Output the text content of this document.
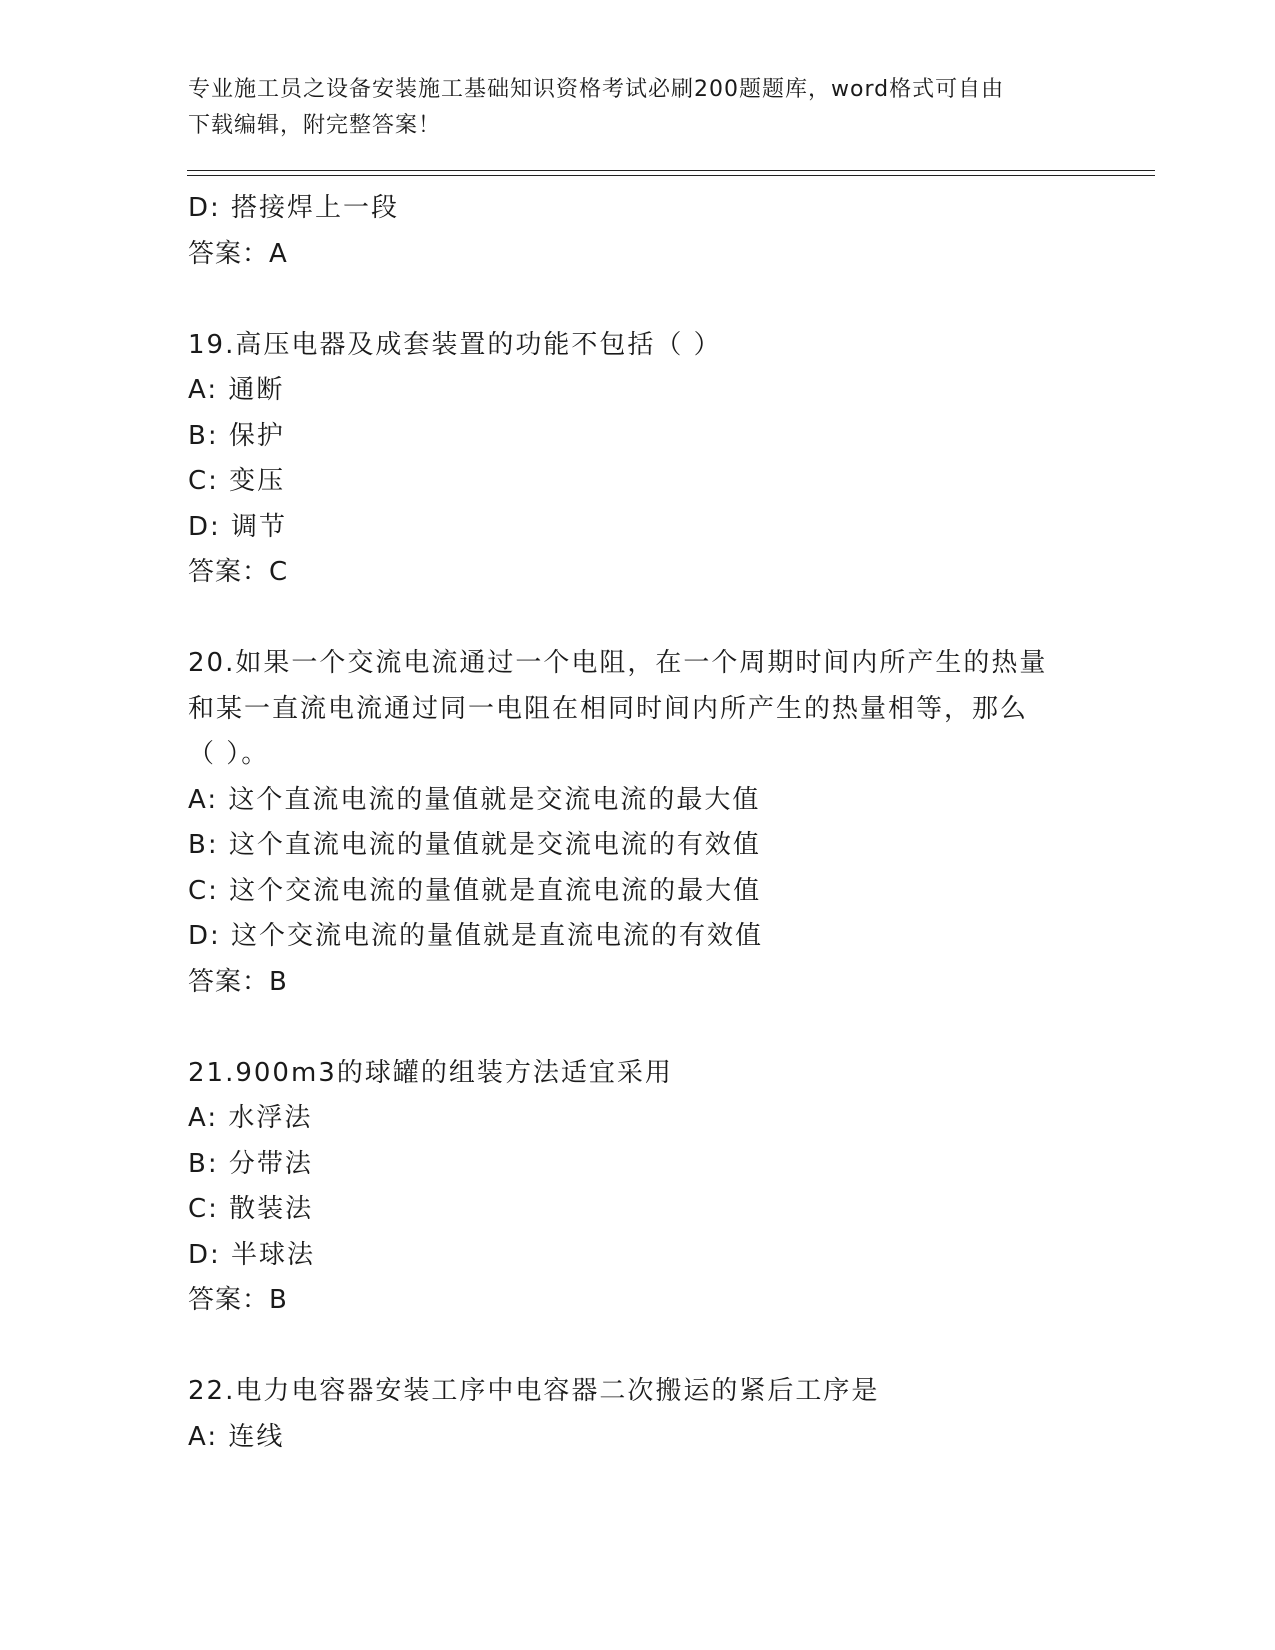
专业施工员之设备安装施工基础知识资格考试必刷200题题库，word格式可自由
下载编辑，附完整答案！
D: 搭接焊上一段
答案：A
19.高压电器及成套装置的功能不包括（ ）
A: 通断
B: 保护
C: 变压
D: 调节
答案：C
20.如果一个交流电流通过一个电阻，在一个周期时间内所产生的热量
和某一直流电流通过同一电阻在相同时间内所产生的热量相等，那么
（ ）。
A: 这个直流电流的量值就是交流电流的最大值
B: 这个直流电流的量值就是交流电流的有效值
C: 这个交流电流的量值就是直流电流的最大值
D: 这个交流电流的量值就是直流电流的有效值
答案：B
21.900m3的球罐的组装方法适宜采用
A: 水浮法
B: 分带法
C: 散装法
D: 半球法
答案：B
22.电力电容器安装工序中电容器二次搬运的紧后工序是
A: 连线
